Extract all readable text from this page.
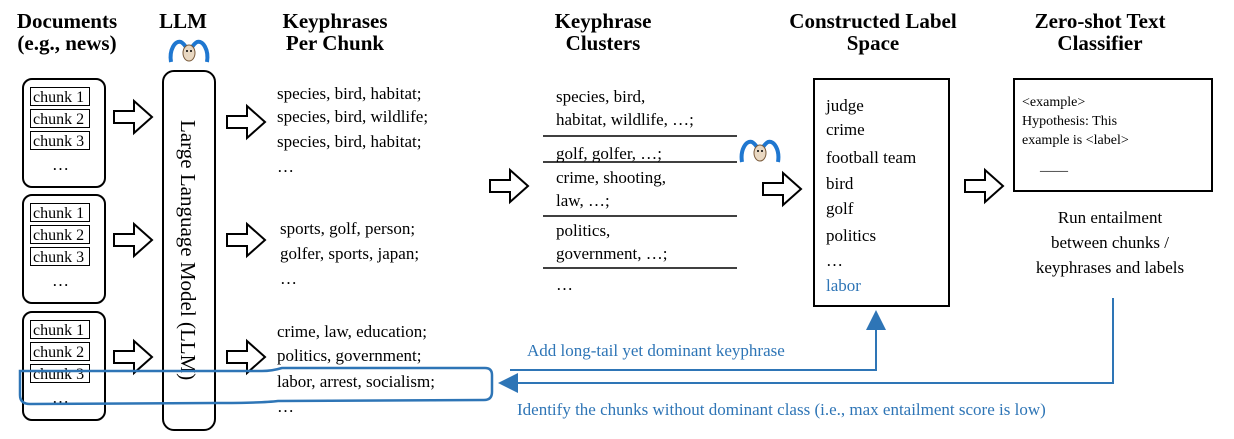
Documents (e.g., news)
LLM	Keyphrases Per Chunk
Keyphrase Clusters
Constructed Label Space
Zero-shot Text Classifier
chunk 1
chunk 2
chunk 3
…
chunk 1
chunk 2
chunk 3
…
chunk 1
chunk 2
chunk 3
…
Large Language Model (LLM)
species, bird, habitat;
species, bird, wildlife;
species, bird, habitat;
…
sports, golf, person;
golfer, sports, japan;
…
crime, law, education;
politics, government;
labor, arrest, socialism;
…
species, bird,
habitat, wildlife, …;
golf, golfer, …;
crime, shooting,
law, …;
politics,
government, …;
…
judge
crime
football team
bird
golf
politics
…
labor
<example>
Hypothesis: This
example is <label>
____
Run entailment
between chunks /
keyphrases and labels
Add long-tail yet dominant keyphrase
Identify the chunks without dominant class (i.e., max entailment score is low)
